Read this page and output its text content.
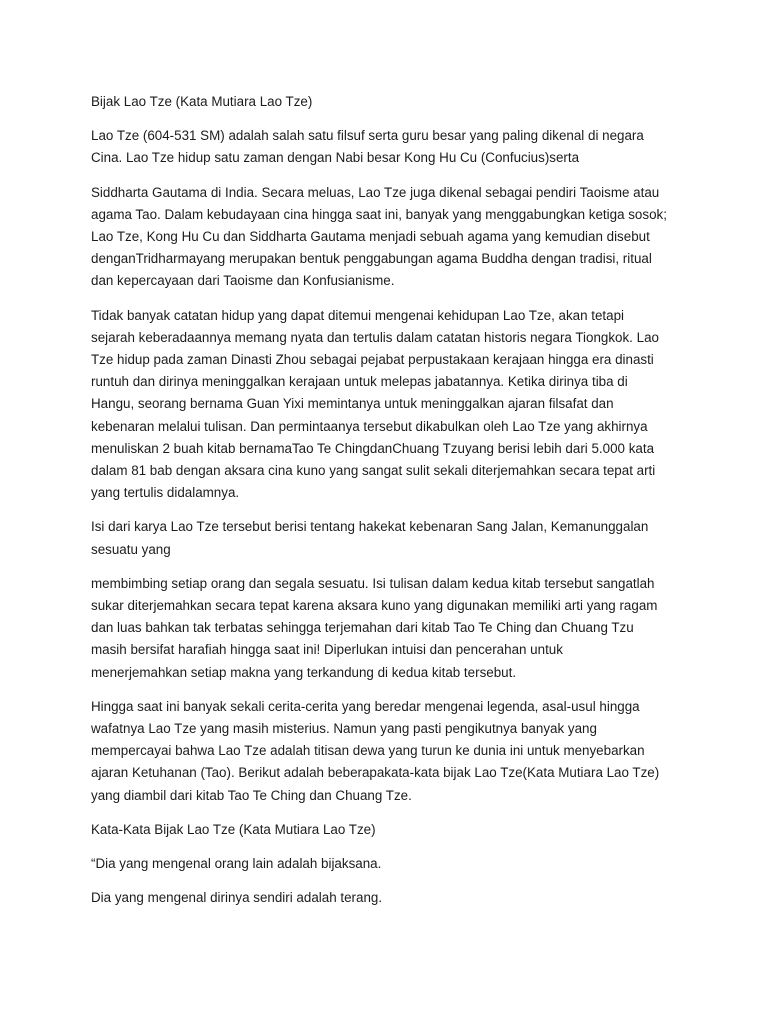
Bijak Lao Tze (Kata Mutiara Lao Tze)

Lao Tze (604-531 SM) adalah salah satu filsuf serta guru besar yang paling dikenal di negara
Cina. Lao Tze hidup satu zaman dengan Nabi besar Kong Hu Cu (Confucius)serta

Siddharta Gautama di India. Secara meluas, Lao Tze juga dikenal sebagai pendiri Taoisme atau
agama Tao. Dalam kebudayaan cina hingga saat ini, banyak yang menggabungkan ketiga sosok;
Lao Tze, Kong Hu Cu dan Siddharta Gautama menjadi sebuah agama yang kemudian disebut
denganTridharmayang merupakan bentuk penggabungan agama Buddha dengan tradisi, ritual
dan kepercayaan dari Taoisme dan Konfusianisme.

Tidak banyak catatan hidup yang dapat ditemui mengenai kehidupan Lao Tze, akan tetapi
sejarah keberadaannya memang nyata dan tertulis dalam catatan historis negara Tiongkok. Lao
Tze hidup pada zaman Dinasti Zhou sebagai pejabat perpustakaan kerajaan hingga era dinasti
runtuh dan dirinya meninggalkan kerajaan untuk melepas jabatannya. Ketika dirinya tiba di
Hangu, seorang bernama Guan Yixi memintanya untuk meninggalkan ajaran filsafat dan
kebenaran melalui tulisan. Dan permintaanya tersebut dikabulkan oleh Lao Tze yang akhirnya
menuliskan 2 buah kitab bernamaTao Te ChingdanChuang Tzuyang berisi lebih dari 5.000 kata
dalam 81 bab dengan aksara cina kuno yang sangat sulit sekali diterjemahkan secara tepat arti
yang tertulis didalamnya.

Isi dari karya Lao Tze tersebut berisi tentang hakekat kebenaran Sang Jalan, Kemanunggalan
sesuatu yang

membimbing setiap orang dan segala sesuatu. Isi tulisan dalam kedua kitab tersebut sangatlah
sukar diterjemahkan secara tepat karena aksara kuno yang digunakan memiliki arti yang ragam
dan luas bahkan tak terbatas sehingga terjemahan dari kitab Tao Te Ching dan Chuang Tzu
masih bersifat harafiah hingga saat ini! Diperlukan intuisi dan pencerahan untuk
menerjemahkan setiap makna yang terkandung di kedua kitab tersebut.

Hingga saat ini banyak sekali cerita-cerita yang beredar mengenai legenda, asal-usul hingga
wafatnya Lao Tze yang masih misterius. Namun yang pasti pengikutnya banyak yang
mempercayai bahwa Lao Tze adalah titisan dewa yang turun ke dunia ini untuk menyebarkan
ajaran Ketuhanan (Tao). Berikut adalah beberapakata-kata bijak Lao Tze(Kata Mutiara Lao Tze)
yang diambil dari kitab Tao Te Ching dan Chuang Tze.

Kata-Kata Bijak Lao Tze (Kata Mutiara Lao Tze)

“Dia yang mengenal orang lain adalah bijaksana.

Dia yang mengenal dirinya sendiri adalah terang.
